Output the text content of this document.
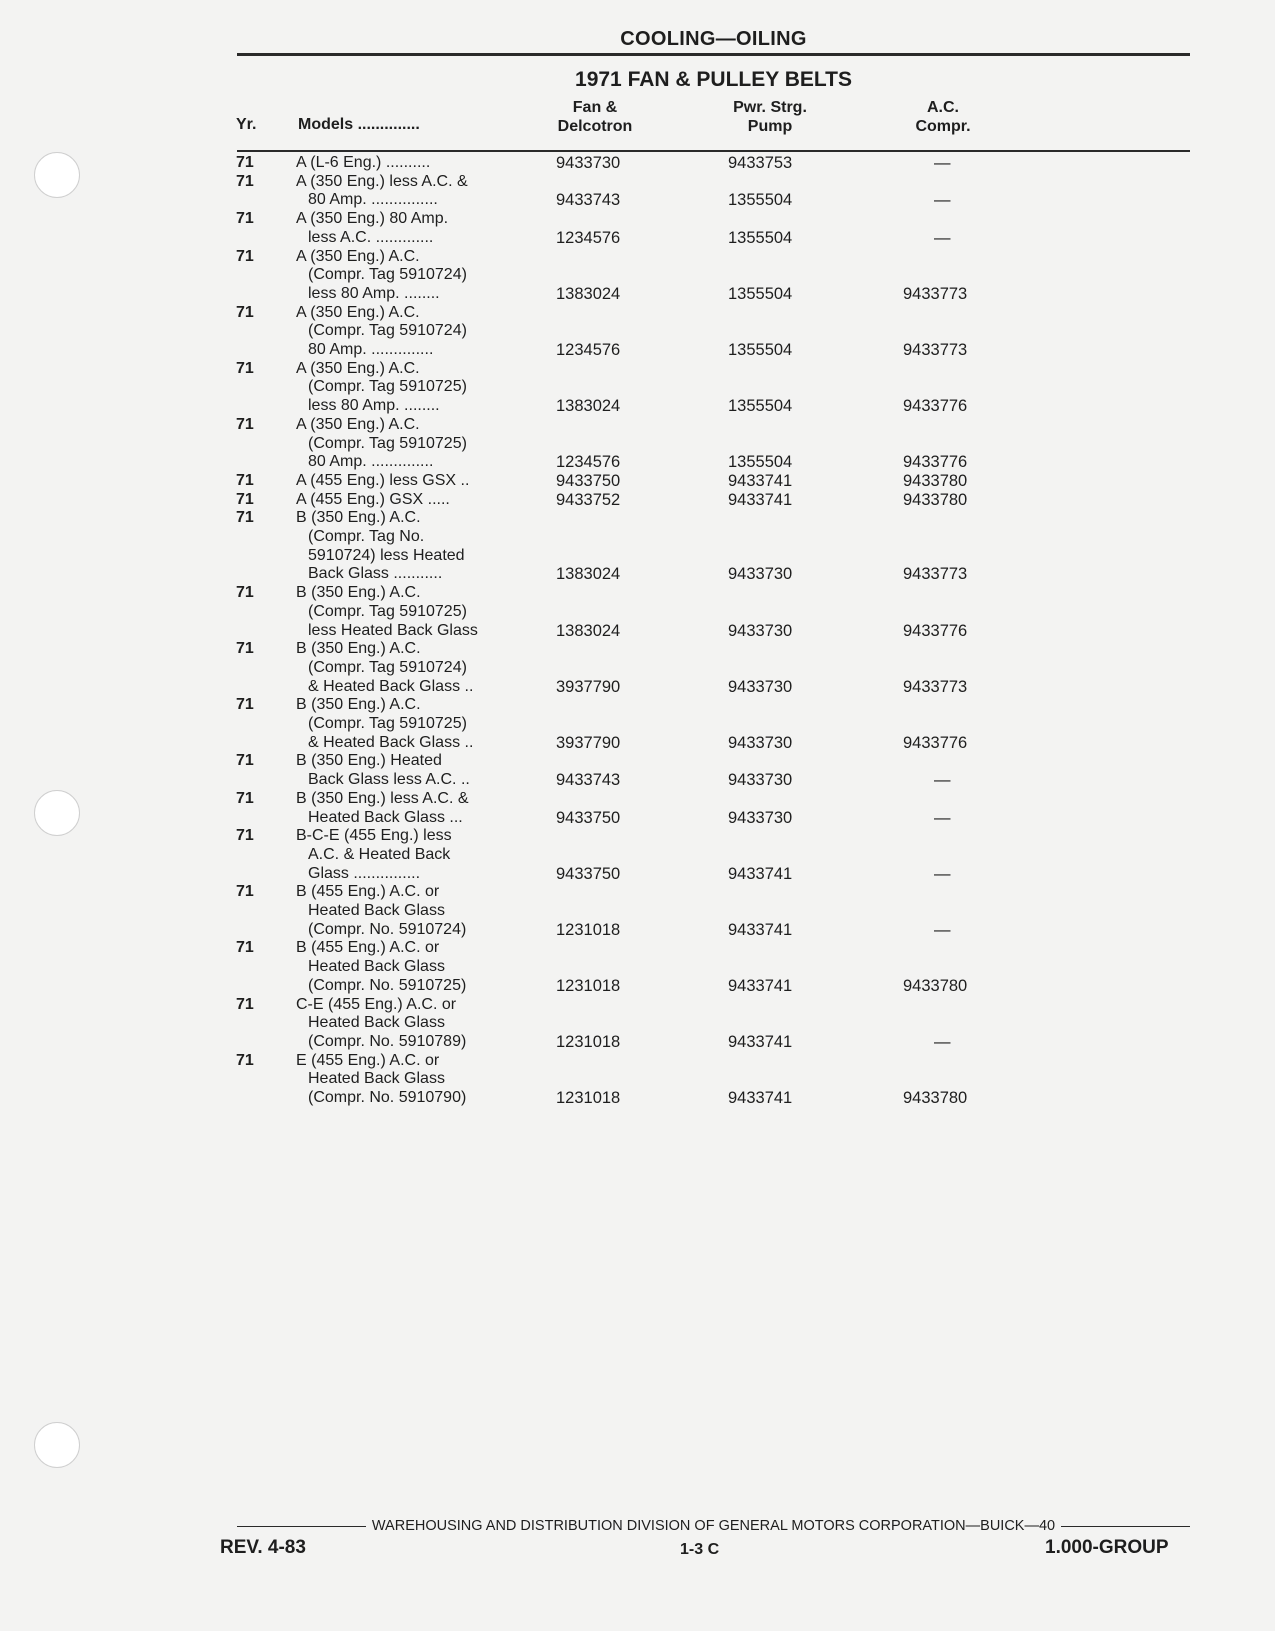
COOLING—OILING
1971 FAN & PULLEY BELTS
Yr.	Models ..............
Fan &
Delcotron
Pwr. Strg.
Pump
A.C.
Compr.
71	A (L-6 Eng.) ..........	9433730	9433753	—
71	A (350 Eng.) less A.C. &
80 Amp. ...............	9433743	1355504	—
71	A (350 Eng.) 80 Amp.
less A.C. .............	1234576	1355504	—
71	A (350 Eng.) A.C.
(Compr. Tag 5910724)
less 80 Amp. ........	1383024	1355504	9433773
71	A (350 Eng.) A.C.
(Compr. Tag 5910724)
80 Amp. ..............	1234576	1355504	9433773
71	A (350 Eng.) A.C.
(Compr. Tag 5910725)
less 80 Amp. ........	1383024	1355504	9433776
71	A (350 Eng.) A.C.
(Compr. Tag 5910725)
80 Amp. ..............	1234576	1355504	9433776
71	A (455 Eng.) less GSX ..	9433750	9433741	9433780
71	A (455 Eng.) GSX .....	9433752	9433741	9433780
71	B (350 Eng.) A.C.
(Compr. Tag No.
5910724) less Heated
Back Glass ...........	1383024	9433730	9433773
71	B (350 Eng.) A.C.
(Compr. Tag 5910725)
less Heated Back Glass	1383024	9433730	9433776
71	B (350 Eng.) A.C.
(Compr. Tag 5910724)
& Heated Back Glass ..	3937790	9433730	9433773
71	B (350 Eng.) A.C.
(Compr. Tag 5910725)
& Heated Back Glass ..	3937790	9433730	9433776
71	B (350 Eng.) Heated
Back Glass less A.C. ..	9433743	9433730	—
71	B (350 Eng.) less A.C. &
Heated Back Glass ...	9433750	9433730	—
71	B-C-E (455 Eng.) less
A.C. & Heated Back
Glass ...............	9433750	9433741	—
71	B (455 Eng.) A.C. or
Heated Back Glass
(Compr. No. 5910724)	1231018	9433741	—
71	B (455 Eng.) A.C. or
Heated Back Glass
(Compr. No. 5910725)	1231018	9433741	9433780
71	C-E (455 Eng.) A.C. or
Heated Back Glass
(Compr. No. 5910789)	1231018	9433741	—
71	E (455 Eng.) A.C. or
Heated Back Glass
(Compr. No. 5910790)	1231018	9433741	9433780
WAREHOUSING AND DISTRIBUTION DIVISION OF GENERAL MOTORS CORPORATION—BUICK—40
REV. 4-83	1-3 C	1.000-GROUP
